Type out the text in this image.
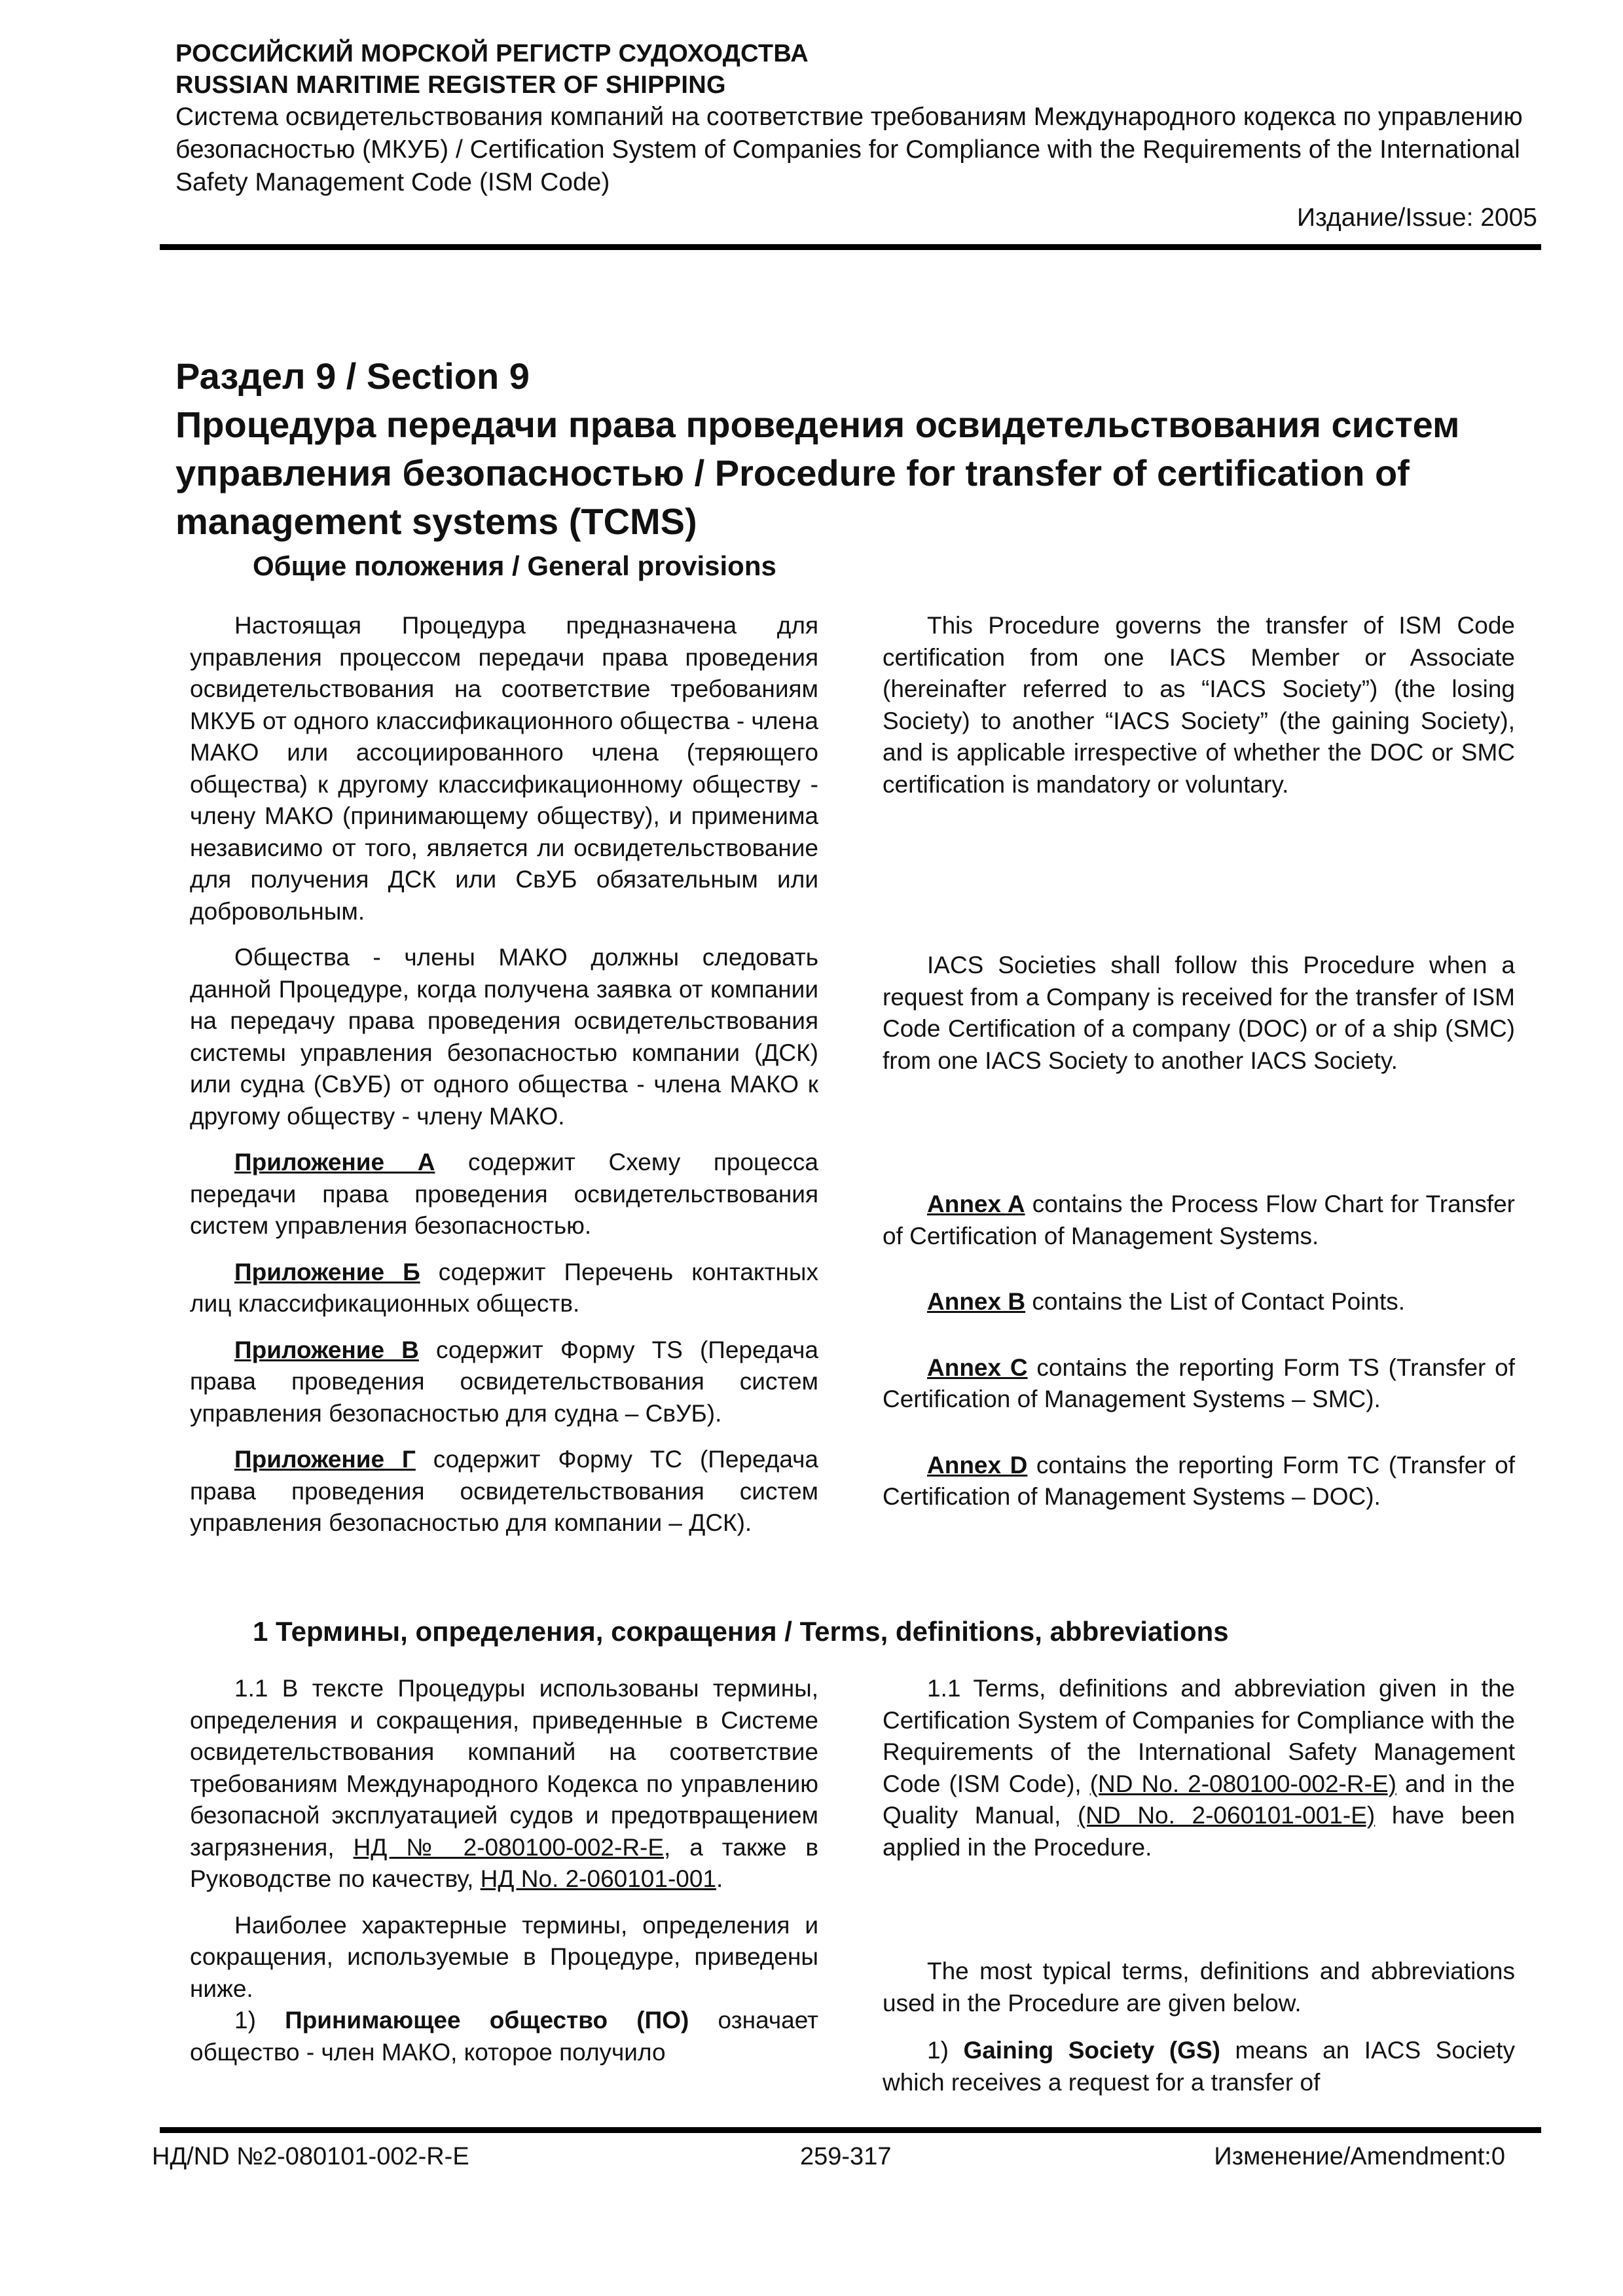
РОССИЙСКИЙ МОРСКОЙ РЕГИСТР СУДОХОДСТВА
RUSSIAN MARITIME REGISTER OF SHIPPING
Система освидетельствования компаний на соответствие требованиям Международного кодекса по управлению безопасностью (МКУБ) / Certification System of Companies for Compliance with the Requirements of the International Safety Management Code (ISM Code)
Издание/Issue: 2005
Раздел 9 / Section 9
Процедура передачи права проведения освидетельствования систем управления безопасностью / Procedure for transfer of certification of management systems (TCMS)
Общие положения / General provisions

Настоящая Процедура предназначена для управления процессом передачи права проведения освидетельствования на соответствие требованиям МКУБ от одного классификационного общества - члена МАКО или ассоциированного члена (теряющего общества) к другому классификационному обществу - члену МАКО (принимающему обществу), и применима независимо от того, является ли освидетельствование для получения ДСК или СвУБ обязательным или добровольным.

Общества - члены МАКО должны следовать данной Процедуре, когда получена заявка от компании на передачу права проведения освидетельствования системы управления безопасностью компании (ДСК) или судна (СвУБ) от одного общества - члена МАКО к другому обществу - члену МАКО.

Приложение А содержит Схему процесса передачи права проведения освидетельствования систем управления безопасностью.

Приложение Б содержит Перечень контактных лиц классификационных обществ.

Приложение В содержит Форму TS (Передача права проведения освидетельствования систем управления безопасностью для судна – СвУБ).

Приложение Г содержит Форму TC (Передача права проведения освидетельствования систем управления безопасностью для компании – ДСК).

This Procedure governs the transfer of ISM Code certification from one IACS Member or Associate (hereinafter referred to as “IACS Society”) (the losing Society) to another “IACS Society” (the gaining Society), and is applicable irrespective of whether the DOC or SMC certification is mandatory or voluntary.

IACS Societies shall follow this Procedure when a request from a Company is received for the transfer of ISM Code Certification of a company (DOC) or of a ship (SMC) from one IACS Society to another IACS Society.

Annex A contains the Process Flow Chart for Transfer of Certification of Management Systems.

Annex B contains the List of Contact Points.

Annex C contains the reporting Form TS (Transfer of Certification of Management Systems – SMC).

Annex D contains the reporting Form TC (Transfer of Certification of Management Systems – DOC).

1 Термины, определения, сокращения / Terms, definitions, abbreviations

1.1 В тексте Процедуры использованы термины, определения и сокращения, приведенные в Системе освидетельствования компаний на соответствие требованиям Международного Кодекса по управлению безопасной эксплуатацией судов и предотвращением загрязнения, НД № 2-080100-002-R-E, а также в Руководстве по качеству, НД No. 2-060101-001.

Наиболее характерные термины, определения и сокращения, используемые в Процедуре, приведены ниже.

1) Принимающее общество (ПО) означает общество - член МАКО, которое получило

1.1 Terms, definitions and abbreviation given in the Certification System of Companies for Compliance with the Requirements of the International Safety Management Code (ISM Code), (ND No. 2-080100-002-R-E) and in the Quality Manual, (ND No. 2-060101-001-E) have been applied in the Procedure.

The most typical terms, definitions and abbreviations used in the Procedure are given below.

1) Gaining Society (GS) means an IACS Society which receives a request for a transfer of

НД/ND №2-080101-002-R-E	259-317	Изменение/Amendment:0
